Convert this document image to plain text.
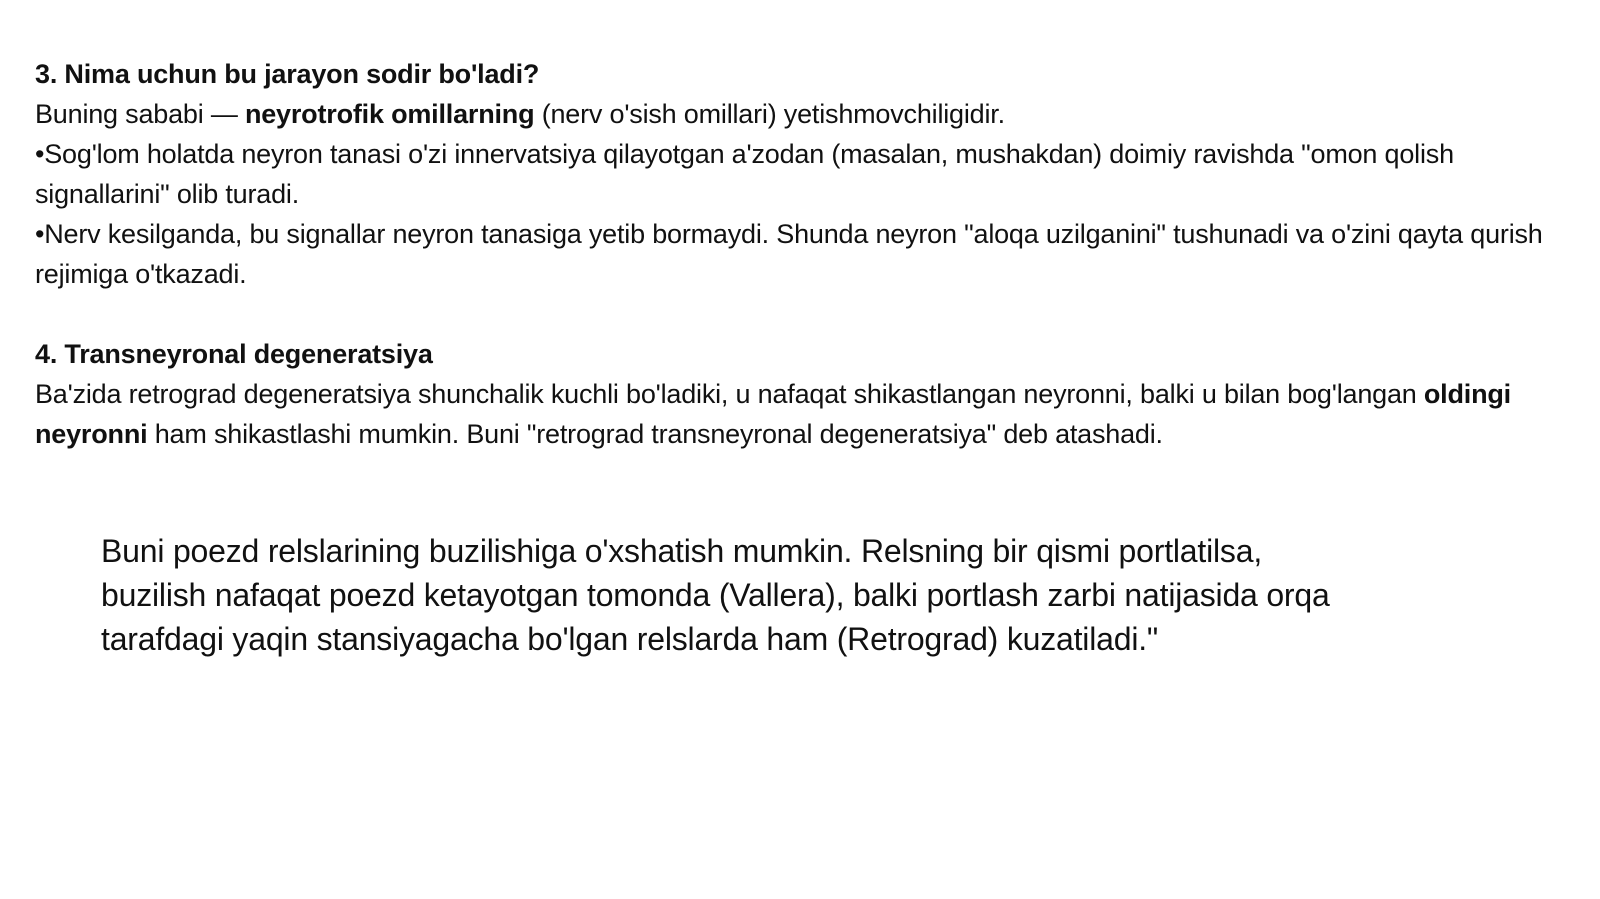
3. Nima uchun bu jarayon sodir bo'ladi?

Buning sababi — neyrotrofik omillarning (nerv o'sish omillari) yetishmovchiligidir.

•Sog'lom holatda neyron tanasi o'zi innervatsiya qilayotgan a'zodan (masalan, mushakdan) doimiy ravishda "omon qolish signallarini" olib turadi.

•Nerv kesilganda, bu signallar neyron tanasiga yetib bormaydi. Shunda neyron "aloqa uzilganini" tushunadi va o'zini qayta qurish rejimiga o'tkazadi.

4. Transneyronal degeneratsiya

Ba'zida retrograd degeneratsiya shunchalik kuchli bo'ladiki, u nafaqat shikastlangan neyronni, balki u bilan bog'langan oldingi neyronni ham shikastlashi mumkin. Buni "retrograd transneyronal degeneratsiya" deb atashadi.

Buni poezd relslarining buzilishiga o'xshatish mumkin. Relsning bir qismi portlatilsa, buzilish nafaqat poezd ketayotgan tomonda (Vallera), balki portlash zarbi natijasida orqa tarafdagi yaqin stansiyagacha bo'lgan relslarda ham (Retrograd) kuzatiladi."
